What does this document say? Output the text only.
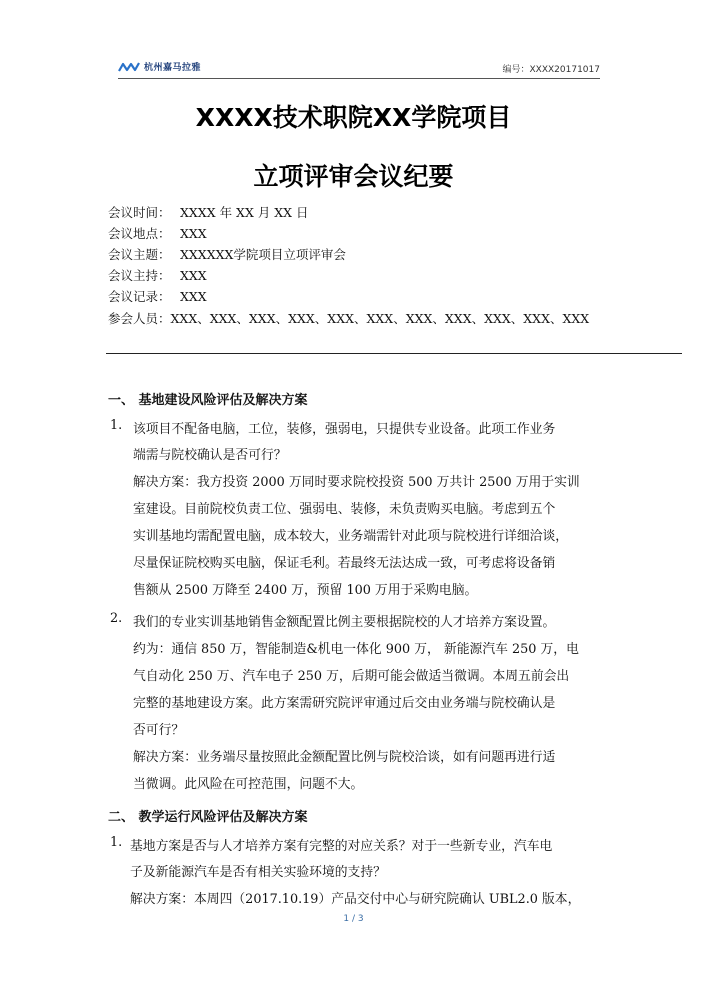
杭州嘉马拉雅	编号：XXXX20171017
XXXX技术职院XX学院项目
立项评审会议纪要
会议时间： XXXX 年 XX 月 XX 日
会议地点： XXX
会议主题： XXXXXX学院项目立项评审会
会议主持： XXX
会议记录： XXX
参会人员：XXX、XXX、XXX、XXX、XXX、XXX、XXX、XXX、XXX、XXX、XXX
一、 基地建设风险评估及解决方案
1. 该项目不配备电脑，工位，装修，强弱电，只提供专业设备。此项工作业务
端需与院校确认是否可行？
解决方案：我方投资 2000 万同时要求院校投资 500 万共计 2500 万用于实训
室建设。目前院校负责工位、强弱电、装修，未负责购买电脑。考虑到五个
实训基地均需配置电脑，成本较大，业务端需针对此项与院校进行详细洽谈，
尽量保证院校购买电脑，保证毛利。若最终无法达成一致，可考虑将设备销
售额从 2500 万降至 2400 万，预留 100 万用于采购电脑。
2. 我们的专业实训基地销售金额配置比例主要根据院校的人才培养方案设置。
约为：通信 850 万，智能制造&机电一体化 900 万， 新能源汽车 250 万，电
气自动化 250 万、汽车电子 250 万，后期可能会做适当微调。本周五前会出
完整的基地建设方案。此方案需研究院评审通过后交由业务端与院校确认是
否可行？
解决方案：业务端尽量按照此金额配置比例与院校洽谈，如有问题再进行适
当微调。此风险在可控范围，问题不大。
二、 教学运行风险评估及解决方案
1. 基地方案是否与人才培养方案有完整的对应关系？对于一些新专业，汽车电
子及新能源汽车是否有相关实验环境的支持？
解决方案：本周四（2017.10.19）产品交付中心与研究院确认 UBL2.0 版本，
1 / 3
